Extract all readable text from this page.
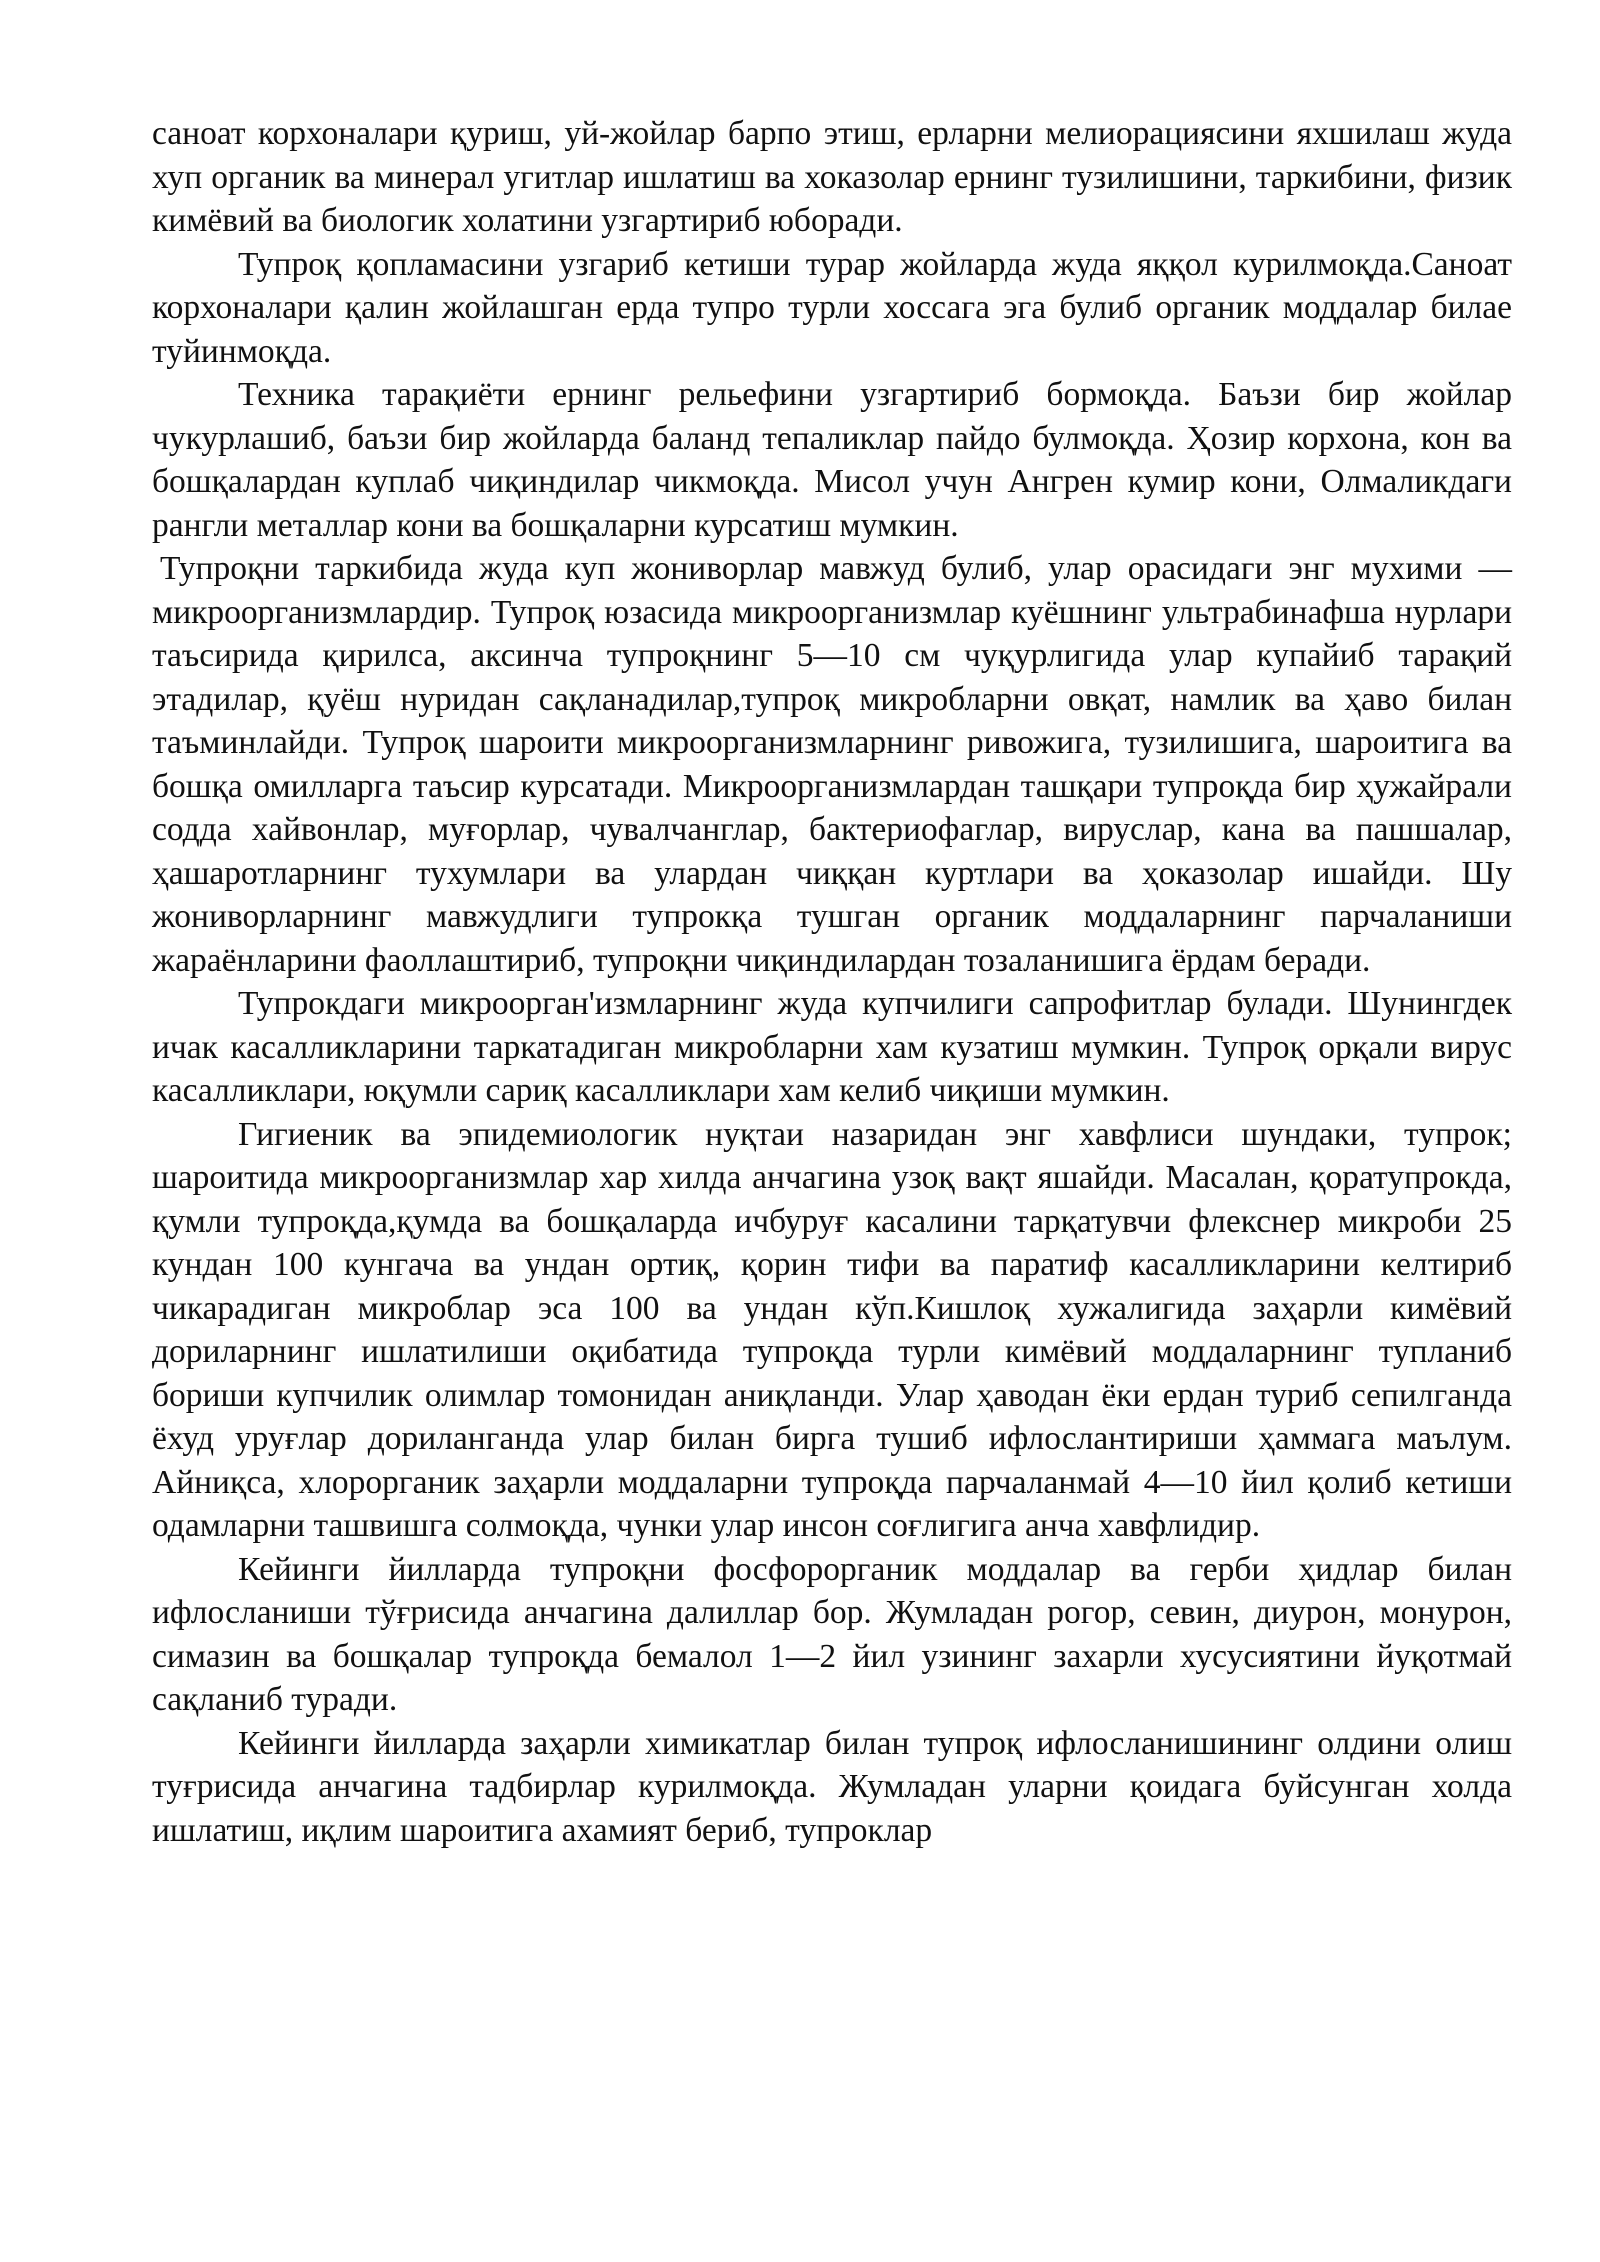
саноат корхоналари қуриш, уй-жойлар барпо этиш, ерларни мелиорациясини яхшилаш жуда хуп органик ва минерал угитлар ишлатиш ва хоказолар ернинг тузилишини, таркибини, физик кимёвий ва биологик холатини узгартириб юборади.

Тупроқ қопламасини узгариб кетиши турар жойларда жуда яққол курилмоқда.Саноат корхоналари қалин жойлашган ерда тупро турли хоссага эга булиб органик моддалар билае туйинмоқда.

Техника тарақиёти ернинг рельефини узгартириб бормоқда. Баъзи бир жойлар чукурлашиб, баъзи бир жойларда баланд тепаликлар пайдо булмоқда. Ҳозир корхона, кон ва бошқалардан куплаб чиқиндилар чикмоқда. Мисол учун Ангрен кумир кони, Олмаликдаги рангли металлар кони ва бошқаларни курсатиш мумкин.

Тупроқни таркибида жуда куп жониворлар мавжуд булиб, улар орасидаги энг мухими — микроорганизмлардир. Тупроқ юзасида микроорганизмлар куёшнинг ультрабинафша нурлари таъсирида қирилса, аксинча тупроқнинг 5—10 см чуқурлигида улар купайиб тарақий этадилар, қуёш нуридан сақланадилар,тупроқ микробларни овқат, намлик ва ҳаво билан таъминлайди. Тупроқ шароити микроорганизмларнинг ривожига, тузилишига, шароитига ва бошқа омилларга таъсир курсатади. Микроорганизмлардан ташқари тупроқда бир ҳужайрали содда хайвонлар, муғорлар, чувалчанглар, бактериофаглар, вируслар, кана ва пашшалар, ҳашаротларнинг тухумлари ва улардан чиққан куртлари ва ҳоказолар ишайди. Шу жониворларнинг мавжудлиги тупрокқа тушган органик моддаларнинг парчаланиши жараёнларини фаоллаштириб, тупроқни чиқиндилардан тозаланишига ёрдам беради.

Тупрокдаги микроорган'измларнинг жуда купчилиги сапрофитлар булади. Шунингдек ичак касалликларини таркатадиган микробларни хам кузатиш мумкин. Тупроқ орқали вирус касалликлари, юқумли сариқ касалликлари хам келиб чиқиши мумкин.

Гигиеник ва эпидемиологик нуқтаи назаридан энг хавфлиси шундаки, тупрок; шароитида микроорганизмлар хар хилда анчагина узоқ вақт яшайди. Масалан, қоратупрокда, қумли тупроқда,қумда ва бошқаларда ичбуруғ касалини тарқатувчи флекснер микроби 25 кундан 100 кунгача ва ундан ортиқ, қорин тифи ва паратиф касалликларини келтириб чикарадиган микроблар эса 100 ва ундан кўп.Кишлоқ хужалигида заҳарли кимёвий дориларнинг ишлатилиши оқибатида тупроқда турли кимёвий моддаларнинг тупланиб бориши купчилик олимлар томонидан аниқланди. Улар ҳаводан ёки ердан туриб сепилганда ёхуд уруғлар дориланганда улар билан бирга тушиб ифлослантириши ҳаммага маълум. Айниқса, хлорорганик заҳарли моддаларни тупроқда парчаланмай 4—10 йил қолиб кетиши одамларни ташвишга солмоқда, чунки улар инсон соғлигига анча хавфлидир.

Кейинги йилларда тупроқни фосфорорганик моддалар ва герби ҳидлар билан ифлосланиши тўғрисида анчагина далиллар бор. Жумладан рогор, севин, диурон, монурон, симазин ва бошқалар тупроқда бемалол 1—2 йил узининг захарли хусусиятини йуқотмай сақланиб туради.

Кейинги йилларда заҳарли химикатлар билан тупроқ ифлосланишининг олдини олиш туғрисида анчагина тадбирлар курилмоқда. Жумладан уларни қоидага буйсунган холда ишлатиш, иқлим шароитига ахамият бериб, тупроклар
